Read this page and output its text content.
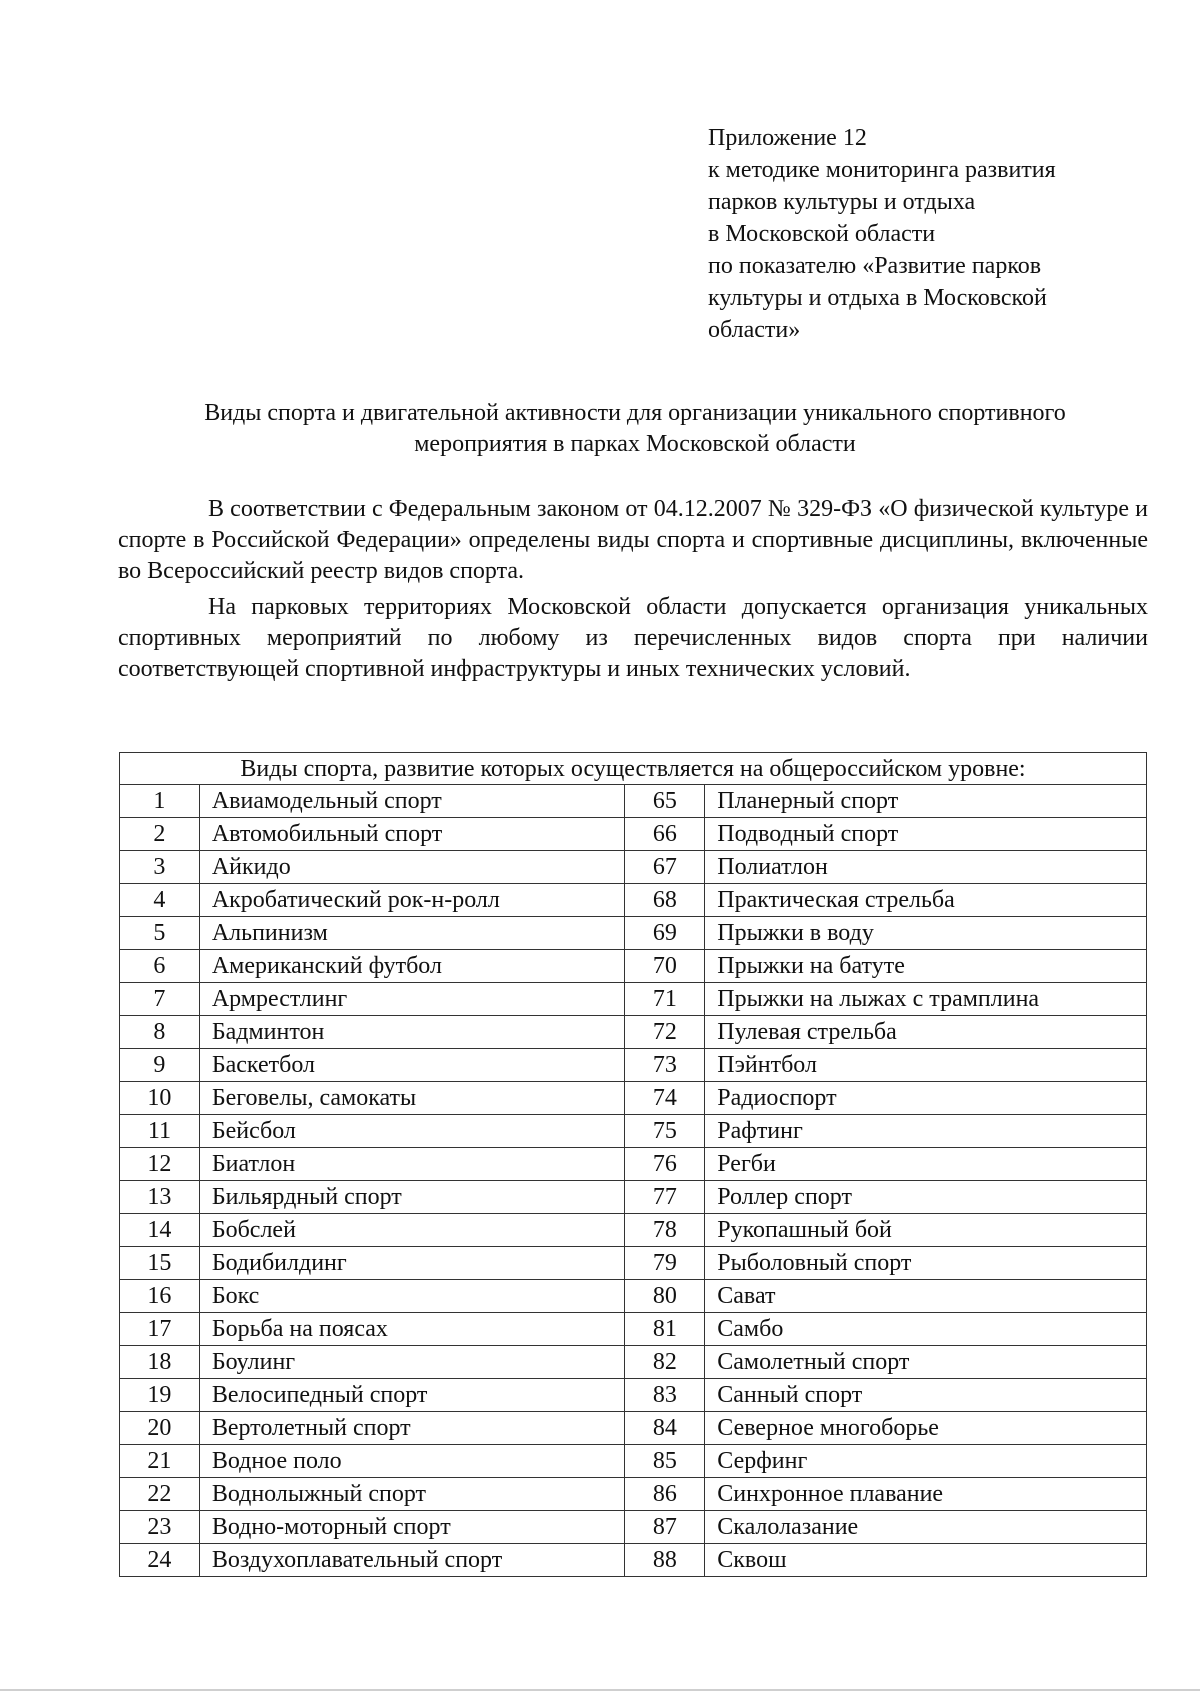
Приложение 12
к методике мониторинга развития
парков культуры и отдыха
в Московской области
по показателю «Развитие парков
культуры и отдыха в Московской
области»
Виды спорта и двигательной активности для организации уникального спортивного
мероприятия в парках Московской области

В соответствии с Федеральным законом от 04.12.2007 № 329-ФЗ «О физической культуре и спорте в Российской Федерации» определены виды спорта и спортивные дисциплины, включенные во Всероссийский реестр видов спорта.

На парковых территориях Московской области допускается организация уникальных спортивных мероприятий по любому из перечисленных видов спорта при наличии соответствующей спортивной инфраструктуры и иных технических условий.

Виды спорта, развитие которых осуществляется на общероссийском уровне:			
1	Авиамодельный спорт	65	Планерный спорт
2	Автомобильный спорт	66	Подводный спорт
3	Айкидо	67	Полиатлон
4	Акробатический рок-н-ролл	68	Практическая стрельба
5	Альпинизм	69	Прыжки в воду
6	Американский футбол	70	Прыжки на батуте
7	Армрестлинг	71	Прыжки на лыжах с трамплина
8	Бадминтон	72	Пулевая стрельба
9	Баскетбол	73	Пэйнтбол
10	Беговелы, самокаты	74	Радиоспорт
11	Бейсбол	75	Рафтинг
12	Биатлон	76	Регби
13	Бильярдный спорт	77	Роллер спорт
14	Бобслей	78	Рукопашный бой
15	Бодибилдинг	79	Рыболовный спорт
16	Бокс	80	Сават
17	Борьба на поясах	81	Самбо
18	Боулинг	82	Самолетный спорт
19	Велосипедный спорт	83	Санный спорт
20	Вертолетный спорт	84	Северное многоборье
21	Водное поло	85	Серфинг
22	Воднолыжный спорт	86	Синхронное плавание
23	Водно-моторный спорт	87	Скалолазание
24	Воздухоплавательный спорт	88	Сквош
